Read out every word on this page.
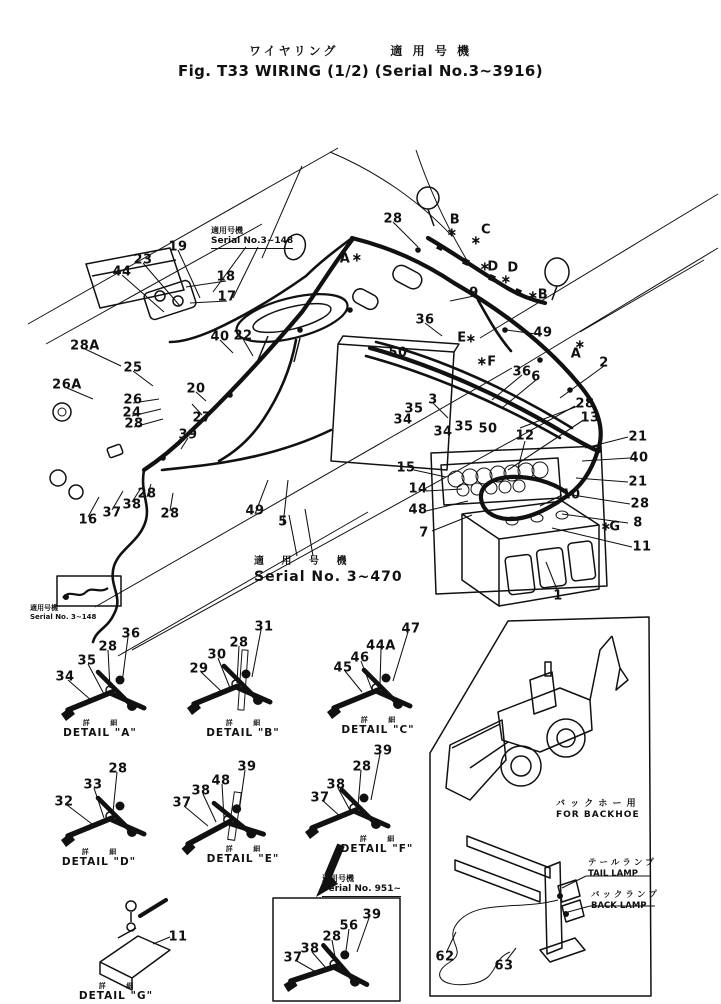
ワイヤリング	適 用 号 機
Fig. T33 WIRING (1/2) (Serial No.3~3916)
適用号機
Serial No.3~148
適 用 号 機
Serial No. 3~470
適用号機
Serial No. 3~148
適用号機
Serial No. 951~
バ ッ ク ホ ー 用
FOR BACKHOE
テ ー ル ラ ン プ
TAIL LAMP
バ ッ ク ラ ン プ
BACK LAMP
19
23
44	18
17
28A
25
40 22
26A
26
24
28
20
27
39
16 37
38
28
28	49
5
28	B
C
A
D D
B
9
36
E	49
F
A
2
36 6
50
3
35
34
34 35 50
28
13
12	21
40
21
28
8
G
11
15
14
48
7
10
1
∗
∗
∗
∗
∗
∗
∗
∗
∗
∗
34
35
28
36
詳 細
DETAIL "A"
29
30
28
31
詳 細
DETAIL "B"
45
46
44A
47
詳 細
DETAIL "C"
32
33
28
詳 細
DETAIL "D"
37
38
48
39
詳 細
DETAIL "E"
37
38
28
39
詳 細
DETAIL "F"
11
詳 細
DETAIL "G"
37
38
28
56
39
62
63
